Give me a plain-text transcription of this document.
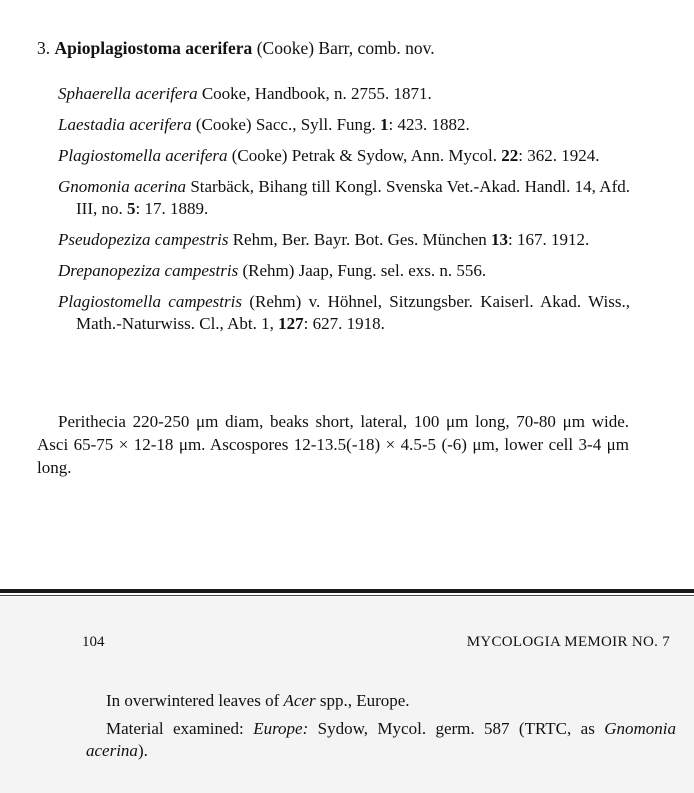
3. Apioplagiostoma acerifera (Cooke) Barr, comb. nov.

Sphaerella acerifera Cooke, Handbook, n. 2755. 1871.

Laestadia acerifera (Cooke) Sacc., Syll. Fung. 1: 423. 1882.

Plagiostomella acerifera (Cooke) Petrak & Sydow, Ann. Mycol. 22: 362. 1924.

Gnomonia acerina Starbäck, Bihang till Kongl. Svenska Vet.-Akad. Handl. 14, Afd. III, no. 5: 17. 1889.

Pseudopeziza campestris Rehm, Ber. Bayr. Bot. Ges. München 13: 167. 1912.

Drepanopeziza campestris (Rehm) Jaap, Fung. sel. exs. n. 556.

Plagiostomella campestris (Rehm) v. Höhnel, Sitzungsber. Kaiserl. Akad. Wiss., Math.-Naturwiss. Cl., Abt. 1, 127: 627. 1918.

Perithecia 220-250 μm diam, beaks short, lateral, 100 μm long, 70-80 μm wide. Asci 65-75 × 12-18 μm. Ascospores 12-13.5(-18) × 4.5-5 (-6) μm, lower cell 3-4 μm long.

104	MYCOLOGIA MEMOIR NO. 7

In overwintered leaves of Acer spp., Europe.

Material examined: Europe: Sydow, Mycol. germ. 587 (TRTC, as Gnomonia acerina).
